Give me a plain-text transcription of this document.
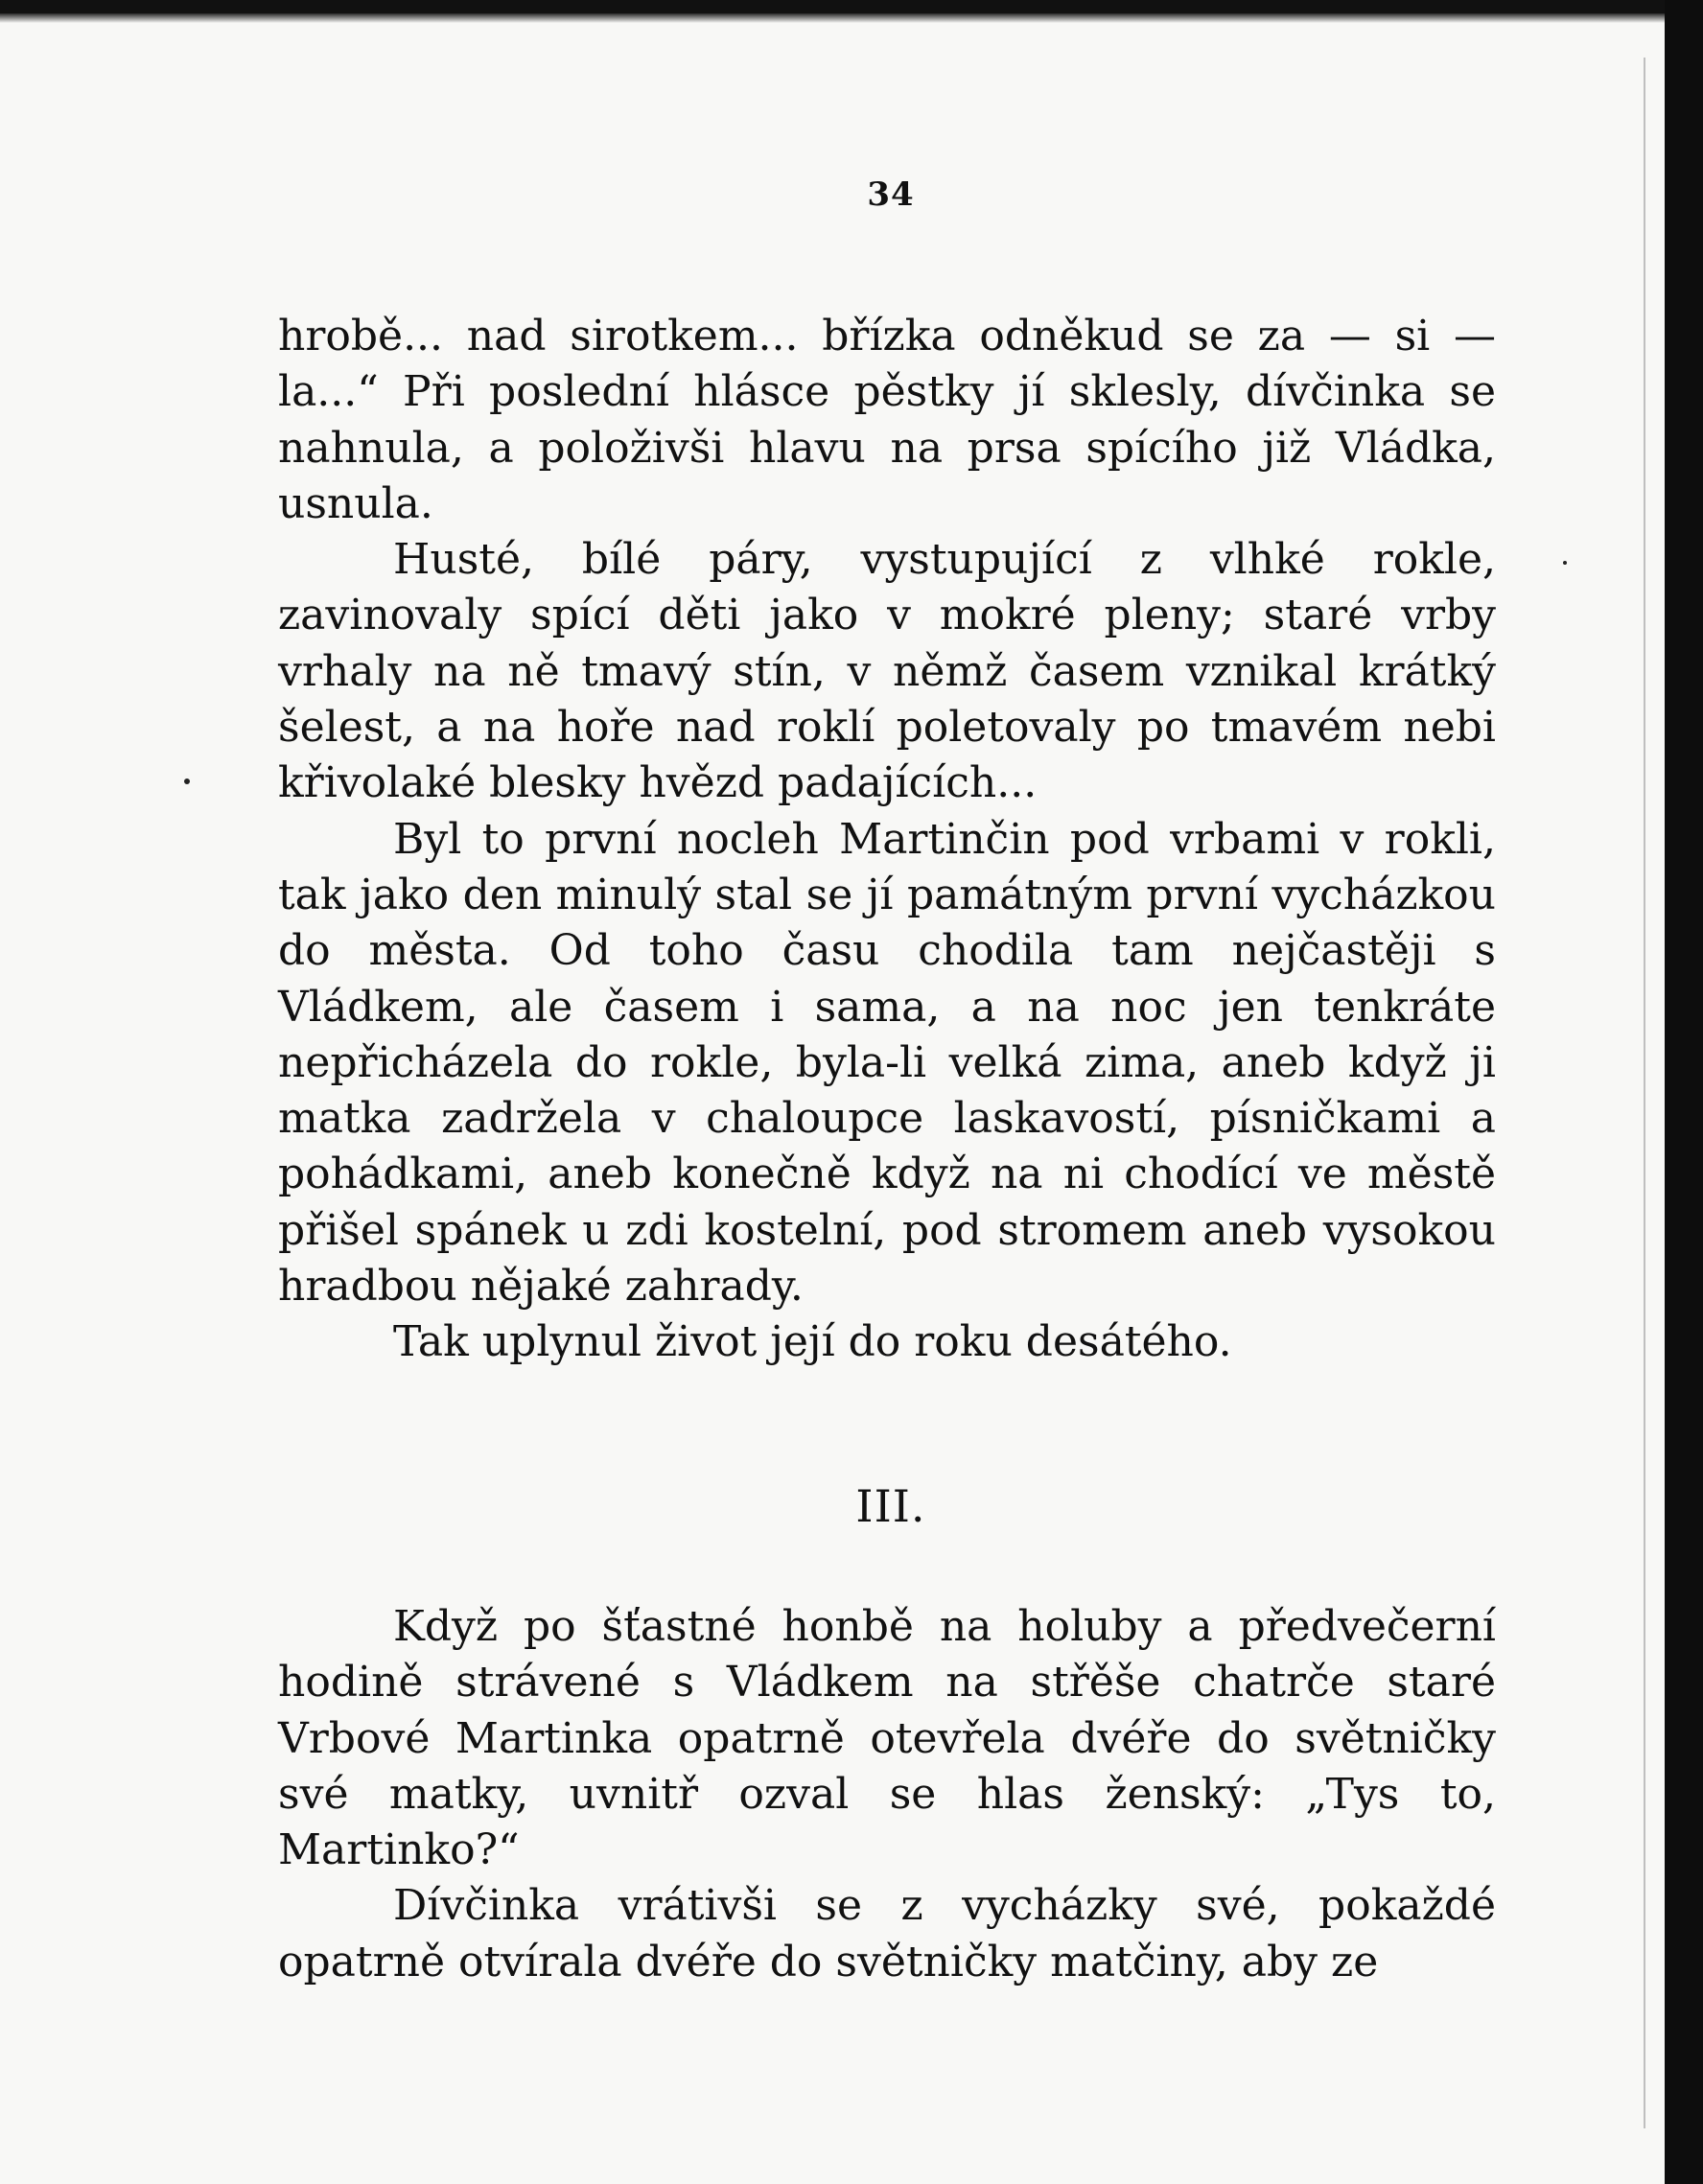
34

hrobě... nad sirotkem... břízka odněkud se za — si — la...“ Při poslední hlásce pěstky jí sklesly, dívčinka se nahnula, a položivši hlavu na prsa spícího již Vládka, usnula.

Husté, bílé páry, vystupující z vlhké rokle, zavinovaly spící děti jako v mokré pleny; staré vrby vrhaly na ně tmavý stín, v němž časem vznikal krátký šelest, a na hoře nad roklí poletovaly po tmavém nebi křivolaké blesky hvězd padajících...

Byl to první nocleh Martinčin pod vrbami v rokli, tak jako den minulý stal se jí památným první vycházkou do města. Od toho času chodila tam nejčastěji s Vládkem, ale časem i sama, a na noc jen tenkráte nepřicházela do rokle, byla-li velká zima, aneb když ji matka zadržela v chaloupce laskavostí, písničkami a pohádkami, aneb konečně když na ni chodící ve městě přišel spánek u zdi kostelní, pod stromem aneb vysokou hradbou nějaké zahrady.

Tak uplynul život její do roku desátého.

III.

Když po šťastné honbě na holuby a předvečerní hodině strávené s Vládkem na střěše chatrče staré Vrbové Martinka opatrně otevřela dvéře do světničky své matky, uvnitř ozval se hlas ženský: „Tys to, Martinko?“

Dívčinka vrátivši se z vycházky své, pokaždé opatrně otvírala dvéře do světničky matčiny, aby ze
